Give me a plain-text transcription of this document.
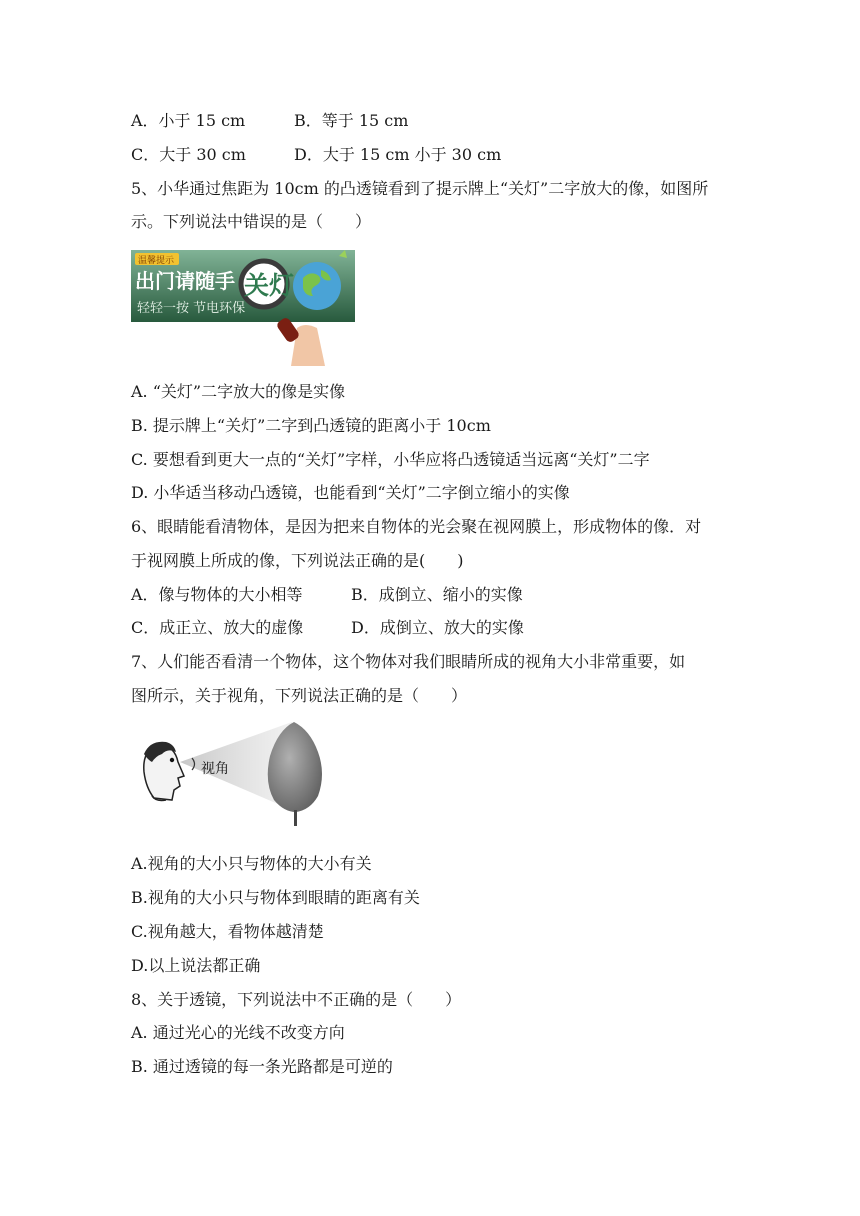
A．小于 15 cm	B．等于 15 cm
C．大于 30 cm	D．大于 15 cm 小于 30 cm
5、小华通过焦距为 10cm 的凸透镜看到了提示牌上“关灯”二字放大的像，如图所
示。下列说法中错误的是（　　）
温馨提示
出门请随手
轻轻一按 节电环保
关灯
A. “关灯”二字放大的像是实像
B. 提示牌上“关灯”二字到凸透镜的距离小于 10cm
C. 要想看到更大一点的“关灯”字样，小华应将凸透镜适当远离“关灯”二字
D. 小华适当移动凸透镜，也能看到“关灯”二字倒立缩小的实像
6、眼睛能看清物体，是因为把来自物体的光会聚在视网膜上，形成物体的像．对
于视网膜上所成的像，下列说法正确的是(　　)
A．像与物体的大小相等	B．成倒立、缩小的实像
C．成正立、放大的虚像	D．成倒立、放大的实像
7、人们能否看清一个物体，这个物体对我们眼睛所成的视角大小非常重要，如
图所示，关于视角，下列说法正确的是（　　）
视角
A.视角的大小只与物体的大小有关
B.视角的大小只与物体到眼睛的距离有关
C.视角越大，看物体越清楚
D.以上说法都正确
8、关于透镜，下列说法中不正确的是（　　）
A. 通过光心的光线不改变方向
B. 通过透镜的每一条光路都是可逆的
